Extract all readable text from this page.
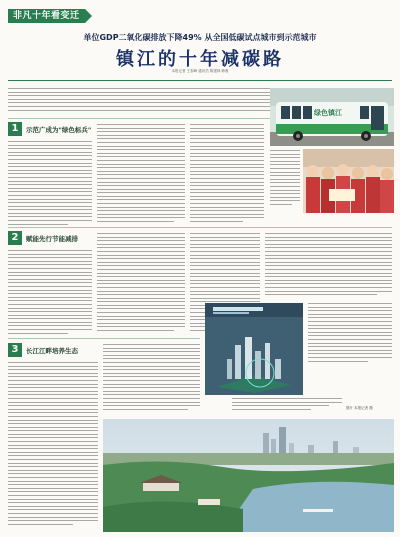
非凡十年看变迁
单位GDP二氧化碳排放下降49% 从全国低碳试点城市到示范城市
镇江的十年减碳路
本报记者 王泰峰 通讯员 陈建林 韩康
1	示范广成为"绿色标兵"
绿色镇江
2	赋能先行节能减排
图片 本报记者 摄
3	长江江畔培养生态
